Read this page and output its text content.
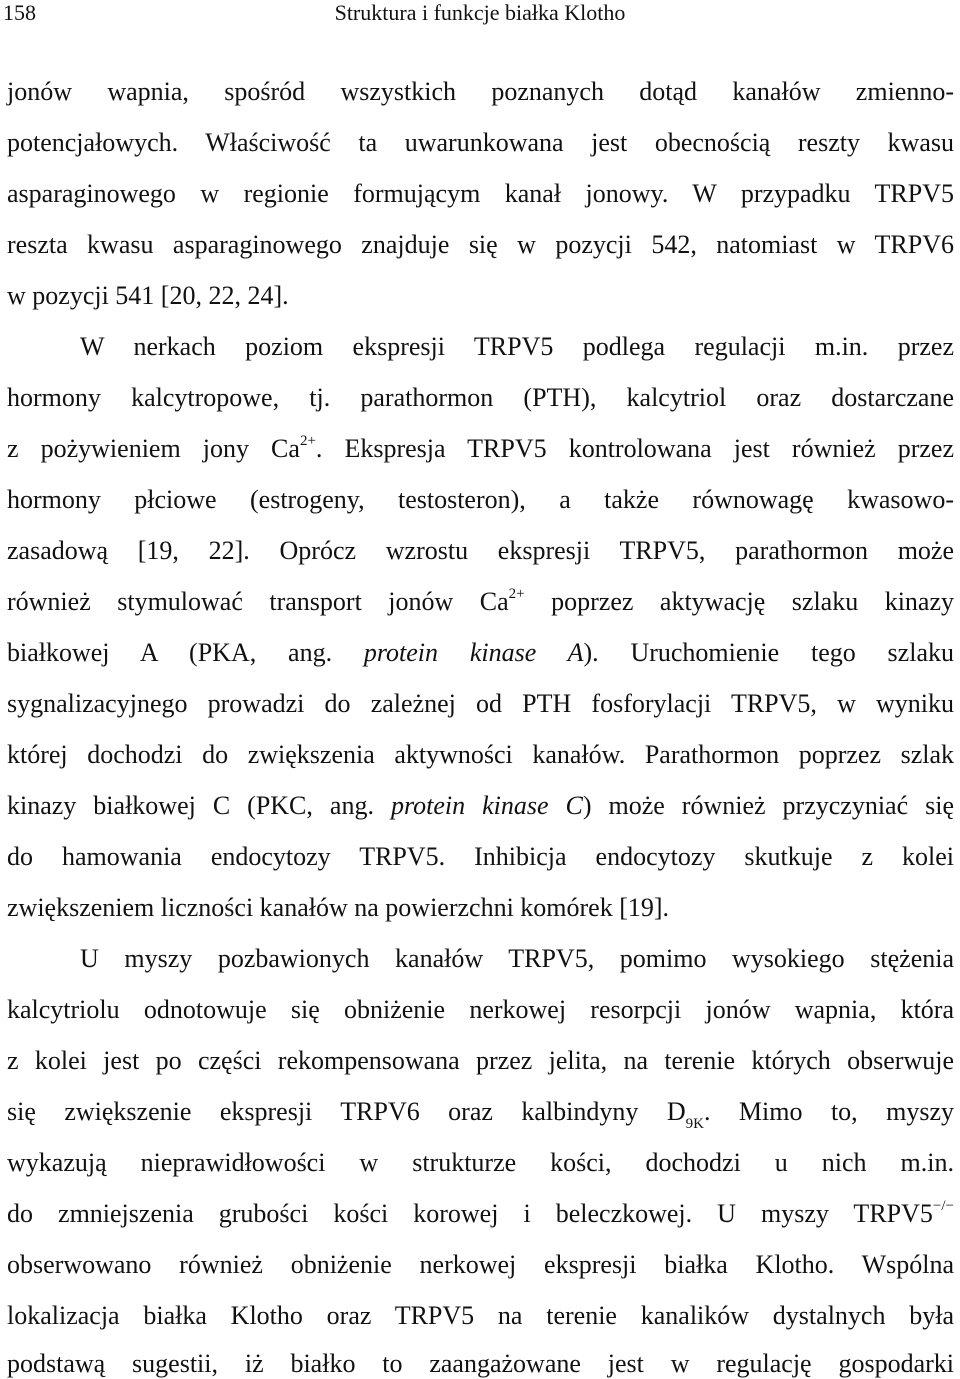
158	Struktura i funkcje białka Klotho
jonów wapnia, spośród wszystkich poznanych dotąd kanałów zmienno-
potencjałowych. Właściwość ta uwarunkowana jest obecnością reszty kwasu
asparaginowego w regionie formującym kanał jonowy. W przypadku TRPV5
reszta kwasu asparaginowego znajduje się w pozycji 542, natomiast w TRPV6
w pozycji 541 [20, 22, 24].
W nerkach poziom ekspresji TRPV5 podlega regulacji m.in. przez
hormony kalcytropowe, tj. parathormon (PTH), kalcytriol oraz dostarczane
z pożywieniem jony $Ca^{2+}$. Ekspresja TRPV5 kontrolowana jest również przez
hormony płciowe (estrogeny, testosteron), a także równowagę kwasowo-
zasadową [19, 22]. Oprócz wzrostu ekspresji TRPV5, parathormon może
również stymulować transport jonów $Ca^{2+}$ poprzez aktywację szlaku kinazy
białkowej A (PKA, ang. protein kinase A). Uruchomienie tego szlaku
sygnalizacyjnego prowadzi do zależnej od PTH fosforylacji TRPV5, w wyniku
której dochodzi do zwiększenia aktywności kanałów. Parathormon poprzez szlak
kinazy białkowej C (PKC, ang. protein kinase C) może również przyczyniać się
do hamowania endocytozy TRPV5. Inhibicja endocytozy skutkuje z kolei
zwiększeniem liczności kanałów na powierzchni komórek [19].
U myszy pozbawionych kanałów TRPV5, pomimo wysokiego stężenia
kalcytriolu odnotowuje się obniżenie nerkowej resorpcji jonów wapnia, która
z kolei jest po części rekompensowana przez jelita, na terenie których obserwuje
się zwiększenie ekspresji TRPV6 oraz kalbindyny $D_{9K}$. Mimo to, myszy
wykazują nieprawidłowości w strukturze kości, dochodzi u nich m.in.
do zmniejszenia grubości kości korowej i beleczkowej. U myszy TRPV5−/−
obserwowano również obniżenie nerkowej ekspresji białka Klotho. Wspólna
lokalizacja białka Klotho oraz TRPV5 na terenie kanalików dystalnych była
podstawą sugestii, iż białko to zaangażowane jest w regulację gospodarki
